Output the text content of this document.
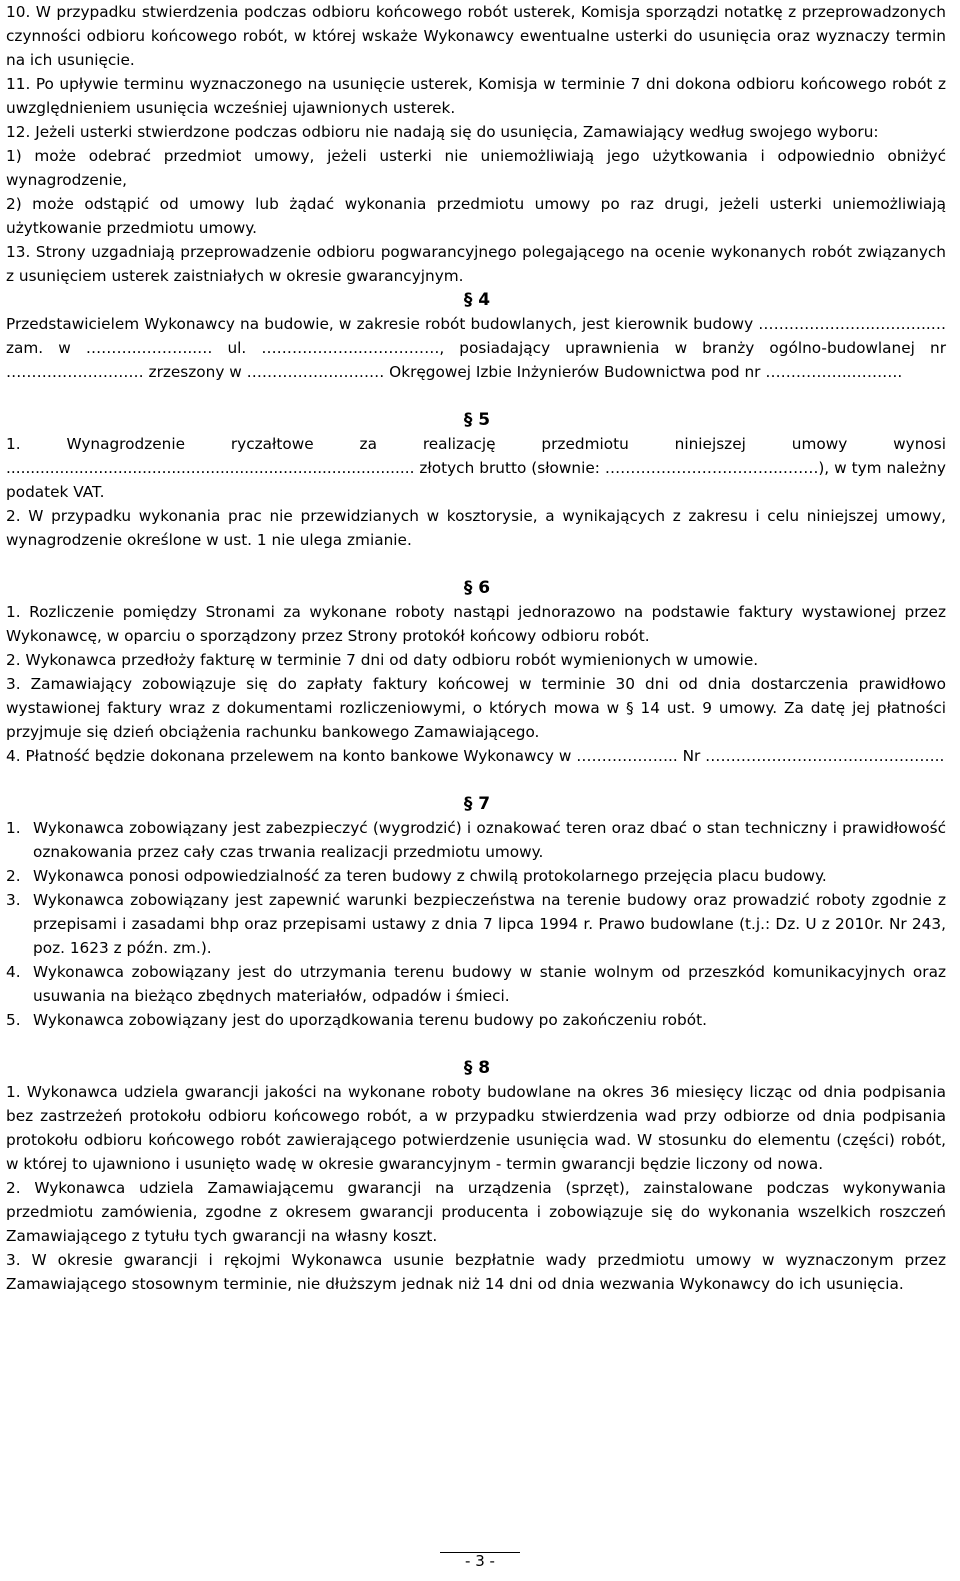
10. W przypadku stwierdzenia podczas odbioru końcowego robót usterek, Komisja sporządzi notatkę z przeprowadzonych czynności odbioru końcowego robót, w której wskaże Wykonawcy ewentualne usterki do usunięcia oraz wyznaczy termin na ich usunięcie.

11. Po upływie terminu wyznaczonego na usunięcie usterek, Komisja w terminie 7 dni dokona odbioru końcowego robót z uwzględnieniem usunięcia wcześniej ujawnionych usterek.

12. Jeżeli usterki stwierdzone podczas odbioru nie nadają się do usunięcia, Zamawiający według swojego wyboru:

1) może odebrać przedmiot umowy, jeżeli usterki nie uniemożliwiają jego użytkowania i odpowiednio obniżyć wynagrodzenie,

2) może odstąpić od umowy lub żądać wykonania przedmiotu umowy po raz drugi, jeżeli usterki uniemożliwiają użytkowanie przedmiotu umowy.

13. Strony uzgadniają przeprowadzenie odbioru pogwarancyjnego polegającego na ocenie wykonanych robót związanych z usunięciem usterek zaistniałych w okresie gwarancyjnym.

§ 4

Przedstawicielem Wykonawcy na budowie, w zakresie robót budowlanych, jest kierownik budowy …………………..………..… zam. w ………..………..… ul. ………………..……………, posiadający uprawnienia w branży ogólno-budowlanej nr ……………………… zrzeszony w ……………………… Okręgowej Izbie Inżynierów Budownictwa pod nr ……………..……….

§ 5

1. Wynagrodzenie ryczałtowe za realizację przedmiotu niniejszej umowy wynosi .................................................................................... złotych brutto (słownie: ……………………………..…….), w tym należny podatek VAT.

2. W przypadku wykonania prac nie przewidzianych w kosztorysie, a wynikających z zakresu i celu niniejszej umowy, wynagrodzenie określone w ust. 1 nie ulega zmianie.

§ 6

1. Rozliczenie pomiędzy Stronami za wykonane roboty nastąpi jednorazowo na podstawie faktury wystawionej przez Wykonawcę, w oparciu o sporządzony przez Strony protokół końcowy odbioru robót.

2. Wykonawca przedłoży fakturę w terminie 7 dni od daty odbioru robót wymienionych w umowie.

3. Zamawiający zobowiązuje się do zapłaty faktury końcowej w terminie 30 dni od dnia dostarczenia prawidłowo wystawionej faktury wraz z dokumentami rozliczeniowymi, o których mowa w § 14 ust. 9 umowy. Za datę jej płatności przyjmuje się dzień obciążenia rachunku bankowego Zamawiającego.

4. Płatność będzie dokonana przelewem na konto bankowe Wykonawcy w ……………….. Nr ………………………………………..

§ 7

1. Wykonawca zobowiązany jest zabezpieczyć (wygrodzić) i oznakować teren oraz dbać o stan techniczny i prawidłowość oznakowania przez cały czas trwania realizacji przedmiotu umowy.
2. Wykonawca ponosi odpowiedzialność za teren budowy z chwilą protokolarnego przejęcia placu budowy.
3. Wykonawca zobowiązany jest zapewnić warunki bezpieczeństwa na terenie budowy oraz prowadzić roboty zgodnie z przepisami i zasadami bhp oraz przepisami ustawy z dnia 7 lipca 1994 r. Prawo budowlane (t.j.: Dz. U z 2010r. Nr 243, poz. 1623 z późn. zm.).
4. Wykonawca zobowiązany jest do utrzymania terenu budowy w stanie wolnym od przeszkód komunikacyjnych oraz usuwania na bieżąco zbędnych materiałów, odpadów i śmieci.
5. Wykonawca zobowiązany jest do uporządkowania terenu budowy po zakończeniu robót.

§ 8

1. Wykonawca udziela gwarancji jakości na wykonane roboty budowlane na okres 36 miesięcy licząc od dnia podpisania bez zastrzeżeń protokołu odbioru końcowego robót, a w przypadku stwierdzenia wad przy odbiorze od dnia podpisania protokołu odbioru końcowego robót zawierającego potwierdzenie usunięcia wad. W stosunku do elementu (części) robót, w której to ujawniono i usunięto wadę w okresie gwarancyjnym - termin gwarancji będzie liczony od nowa.

2. Wykonawca udziela Zamawiającemu gwarancji na urządzenia (sprzęt), zainstalowane podczas wykonywania przedmiotu zamówienia, zgodne z okresem gwarancji producenta i zobowiązuje się do wykonania wszelkich roszczeń Zamawiającego z tytułu tych gwarancji na własny koszt.

3. W okresie gwarancji i rękojmi Wykonawca usunie bezpłatnie wady przedmiotu umowy w wyznaczonym przez Zamawiającego stosownym terminie, nie dłuższym jednak niż 14 dni od dnia wezwania Wykonawcy do ich usunięcia.

- 3 -
